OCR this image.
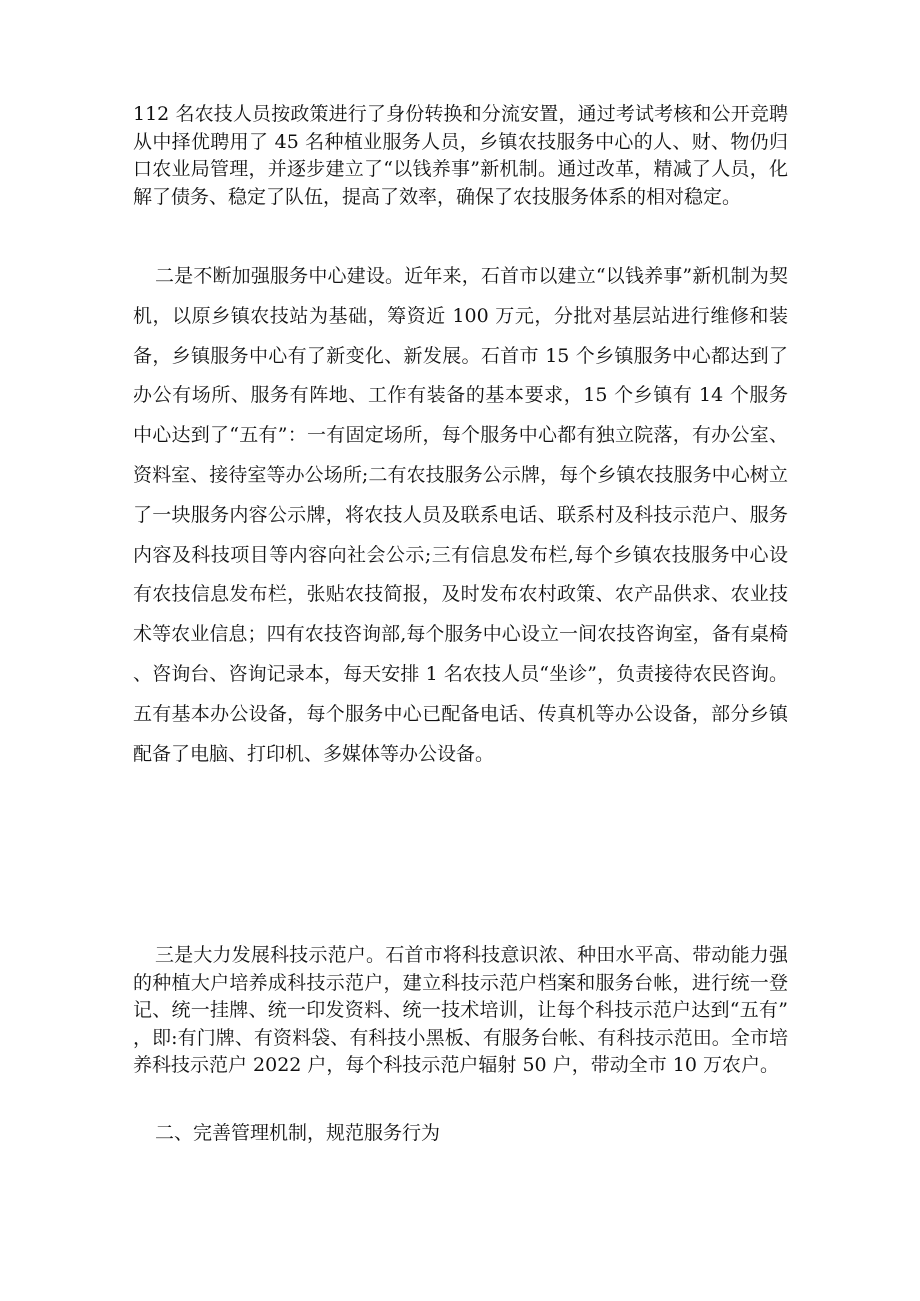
112 名农技人员按政策进行了身份转换和分流安置，通过考试考核和公开竞聘从中择优聘用了 45 名种植业服务人员，乡镇农技服务中心的人、财、物仍归口农业局管理，并逐步建立了“以钱养事”新机制。通过改革，精减了人员，化解了债务、稳定了队伍，提高了效率，确保了农技服务体系的相对稳定。

二是不断加强服务中心建设。近年来，石首市以建立“以钱养事”新机制为契机，以原乡镇农技站为基础，筹资近 100 万元，分批对基层站进行维修和装备，乡镇服务中心有了新变化、新发展。石首市 15 个乡镇服务中心都达到了办公有场所、服务有阵地、工作有装备的基本要求，15 个乡镇有 14 个服务中心达到了“五有”：一有固定场所，每个服务中心都有独立院落，有办公室、资料室、接待室等办公场所;二有农技服务公示牌，每个乡镇农技服务中心树立了一块服务内容公示牌，将农技人员及联系电话、联系村及科技示范户、服务内容及科技项目等内容向社会公示;三有信息发布栏,每个乡镇农技服务中心设有农技信息发布栏，张贴农技简报，及时发布农村政策、农产品供求、农业技术等农业信息；四有农技咨询部,每个服务中心设立一间农技咨询室，备有桌椅、咨询台、咨询记录本，每天安排 1 名农技人员“坐诊”，负责接待农民咨询。五有基本办公设备，每个服务中心已配备电话、传真机等办公设备，部分乡镇配备了电脑、打印机、多媒体等办公设备。

三是大力发展科技示范户。石首市将科技意识浓、种田水平高、带动能力强的种植大户培养成科技示范户，建立科技示范户档案和服务台帐，进行统一登记、统一挂牌、统一印发资料、统一技术培训，让每个科技示范户达到“五有”，即:有门牌、有资料袋、有科技小黑板、有服务台帐、有科技示范田。全市培养科技示范户 2022 户，每个科技示范户辐射 50 户，带动全市 10 万农户。

二、完善管理机制，规范服务行为
